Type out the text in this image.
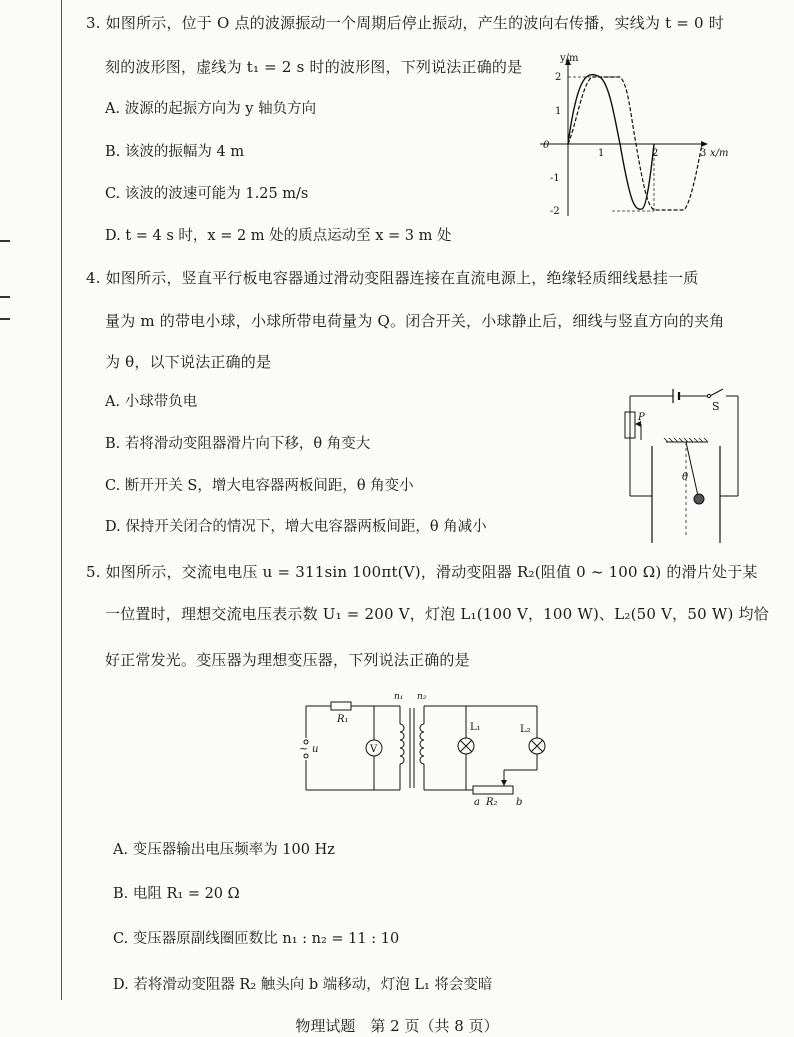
3. 如图所示，位于 O 点的波源振动一个周期后停止振动，产生的波向右传播，实线为 t = 0 时
刻的波形图，虚线为 t₁ = 2 s 时的波形图，下列说法正确的是
A. 波源的起振方向为 y 轴负方向
B. 该波的振幅为 4 m
C. 该波的波速可能为 1.25 m/s
D. t = 4 s 时，x = 2 m 处的质点运动至 x = 3 m 处
y/m
2
1
-1
-2
0
1	2	3 x/m
4. 如图所示，竖直平行板电容器通过滑动变阻器连接在直流电源上，绝缘轻质细线悬挂一质
量为 m 的带电小球，小球所带电荷量为 Q。闭合开关，小球静止后，细线与竖直方向的夹角
为 θ，以下说法正确的是
A. 小球带负电
B. 若将滑动变阻器滑片向下移，θ 角变大
C. 断开开关 S，增大电容器两板间距，θ 角变小
D. 保持开关闭合的情况下，增大电容器两板间距，θ 角减小
S
P
θ
5. 如图所示，交流电电压 u = 311sin 100πt(V)，滑动变阻器 R₂(阻值 0 ~ 100 Ω) 的滑片处于某
一位置时，理想交流电压表示数 U₁ = 200 V，灯泡 L₁(100 V，100 W)、L₂(50 V，50 W) 均恰
好正常发光。变压器为理想变压器，下列说法正确的是
R₁
~ u	V
n₁ n₂
L₁	L₂
R₂
a	b
A. 变压器输出电压频率为 100 Hz
B. 电阻 R₁ = 20 Ω
C. 变压器原副线圈匝数比 n₁ : n₂ = 11 : 10
D. 若将滑动变阻器 R₂ 触头向 b 端移动，灯泡 L₁ 将会变暗
物理试题　第 2 页（共 8 页）
